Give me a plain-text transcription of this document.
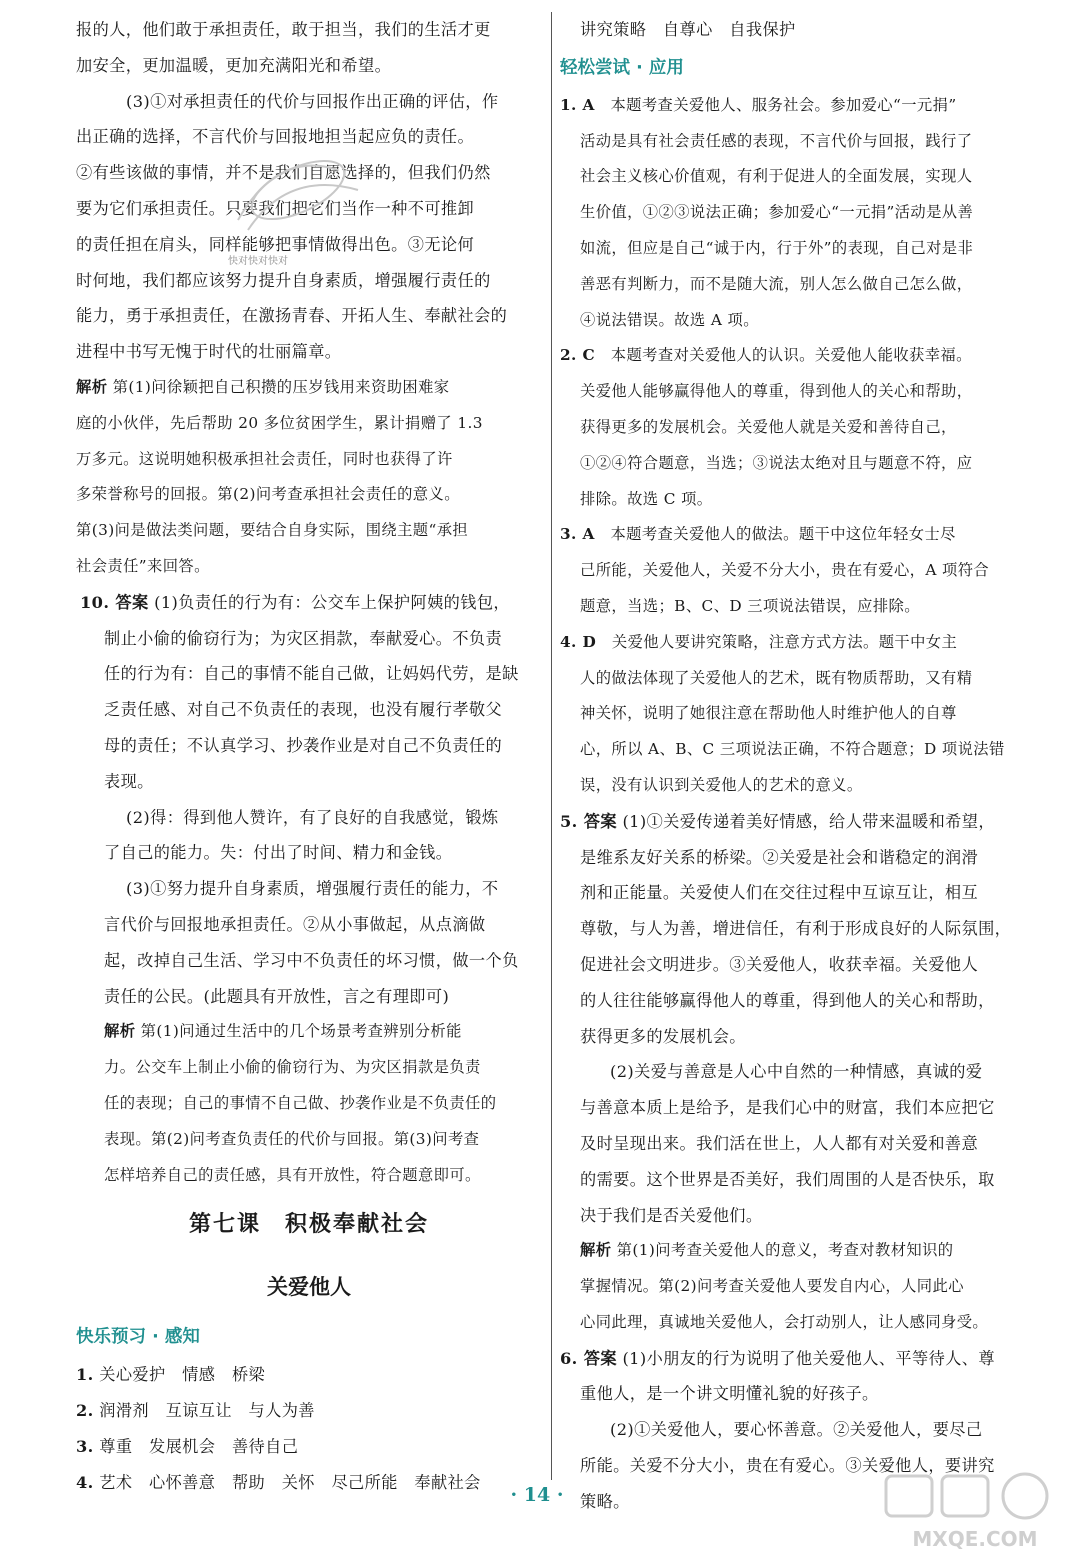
报的人，他们敢于承担责任，敢于担当，我们的生活才更
加安全，更加温暖，更加充满阳光和希望。
(3)①对承担责任的代价与回报作出正确的评估，作
出正确的选择，不言代价与回报地担当起应负的责任。
②有些该做的事情，并不是我们自愿选择的，但我们仍然
要为它们承担责任。只要我们把它们当作一种不可推卸
的责任担在肩头，同样能够把事情做得出色。③无论何
时何地，我们都应该努力提升自身素质，增强履行责任的
能力，勇于承担责任，在激扬青春、开拓人生、奉献社会的
进程中书写无愧于时代的壮丽篇章。
解析 第(1)问徐颖把自己积攒的压岁钱用来资助困难家
庭的小伙伴，先后帮助 20 多位贫困学生，累计捐赠了 1.3
万多元。这说明她积极承担社会责任，同时也获得了许
多荣誉称号的回报。第(2)问考查承担社会责任的意义。
第(3)问是做法类问题，要结合自身实际，围绕主题“承担
社会责任”来回答。
10. 答案 (1)负责任的行为有：公交车上保护阿姨的钱包，
制止小偷的偷窃行为；为灾区捐款，奉献爱心。不负责
任的行为有：自己的事情不能自己做，让妈妈代劳，是缺
乏责任感、对自己不负责任的表现，也没有履行孝敬父
母的责任；不认真学习、抄袭作业是对自己不负责任的
表现。
(2)得：得到他人赞许，有了良好的自我感觉，锻炼
了自己的能力。失：付出了时间、精力和金钱。
(3)①努力提升自身素质，增强履行责任的能力，不
言代价与回报地承担责任。②从小事做起，从点滴做
起，改掉自己生活、学习中不负责任的坏习惯，做一个负
责任的公民。(此题具有开放性，言之有理即可)
解析 第(1)问通过生活中的几个场景考查辨别分析能
力。公交车上制止小偷的偷窃行为、为灾区捐款是负责
任的表现；自己的事情不自己做、抄袭作业是不负责任的
表现。第(2)问考查负责任的代价与回报。第(3)问考查
怎样培养自己的责任感，具有开放性，符合题意即可。
第七课　积极奉献社会
关爱他人
快乐预习 · 感知
1. 关心爱护　情感　桥梁
2. 润滑剂　互谅互让　与人为善
3. 尊重　发展机会　善待自己
4. 艺术　心怀善意　帮助　关怀　尽己所能　奉献社会
讲究策略　自尊心　自我保护
轻松尝试 · 应用
1. A　本题考查关爱他人、服务社会。参加爱心“一元捐”
活动是具有社会责任感的表现，不言代价与回报，践行了
社会主义核心价值观，有利于促进人的全面发展，实现人
生价值，①②③说法正确；参加爱心“一元捐”活动是从善
如流，但应是自己“诚于内，行于外”的表现，自己对是非
善恶有判断力，而不是随大流，别人怎么做自己怎么做，
④说法错误。故选 A 项。
2. C　本题考查对关爱他人的认识。关爱他人能收获幸福。
关爱他人能够赢得他人的尊重，得到他人的关心和帮助，
获得更多的发展机会。关爱他人就是关爱和善待自己，
①②④符合题意，当选；③说法太绝对且与题意不符，应
排除。故选 C 项。
3. A　本题考查关爱他人的做法。题干中这位年轻女士尽
己所能，关爱他人，关爱不分大小，贵在有爱心，A 项符合
题意，当选；B、C、D 三项说法错误，应排除。
4. D　关爱他人要讲究策略，注意方式方法。题干中女主
人的做法体现了关爱他人的艺术，既有物质帮助，又有精
神关怀，说明了她很注意在帮助他人时维护他人的自尊
心，所以 A、B、C 三项说法正确，不符合题意；D 项说法错
误，没有认识到关爱他人的艺术的意义。
5. 答案 (1)①关爱传递着美好情感，给人带来温暖和希望，
是维系友好关系的桥梁。②关爱是社会和谐稳定的润滑
剂和正能量。关爱使人们在交往过程中互谅互让，相互
尊敬，与人为善，增进信任，有利于形成良好的人际氛围，
促进社会文明进步。③关爱他人，收获幸福。关爱他人
的人往往能够赢得他人的尊重，得到他人的关心和帮助，
获得更多的发展机会。
(2)关爱与善意是人心中自然的一种情感，真诚的爱
与善意本质上是给予，是我们心中的财富，我们本应把它
及时呈现出来。我们活在世上，人人都有对关爱和善意
的需要。这个世界是否美好，我们周围的人是否快乐，取
决于我们是否关爱他们。
解析 第(1)问考查关爱他人的意义，考查对教材知识的
掌握情况。第(2)问考查关爱他人要发自内心，人同此心
心同此理，真诚地关爱他人，会打动别人，让人感同身受。
6. 答案 (1)小朋友的行为说明了他关爱他人、平等待人、尊
重他人，是一个讲文明懂礼貌的好孩子。
(2)①关爱他人，要心怀善意。②关爱他人，要尽己
所能。关爱不分大小，贵在有爱心。③关爱他人，要讲究
策略。
快对快对快对
· 14 ·
MXQE.COM
